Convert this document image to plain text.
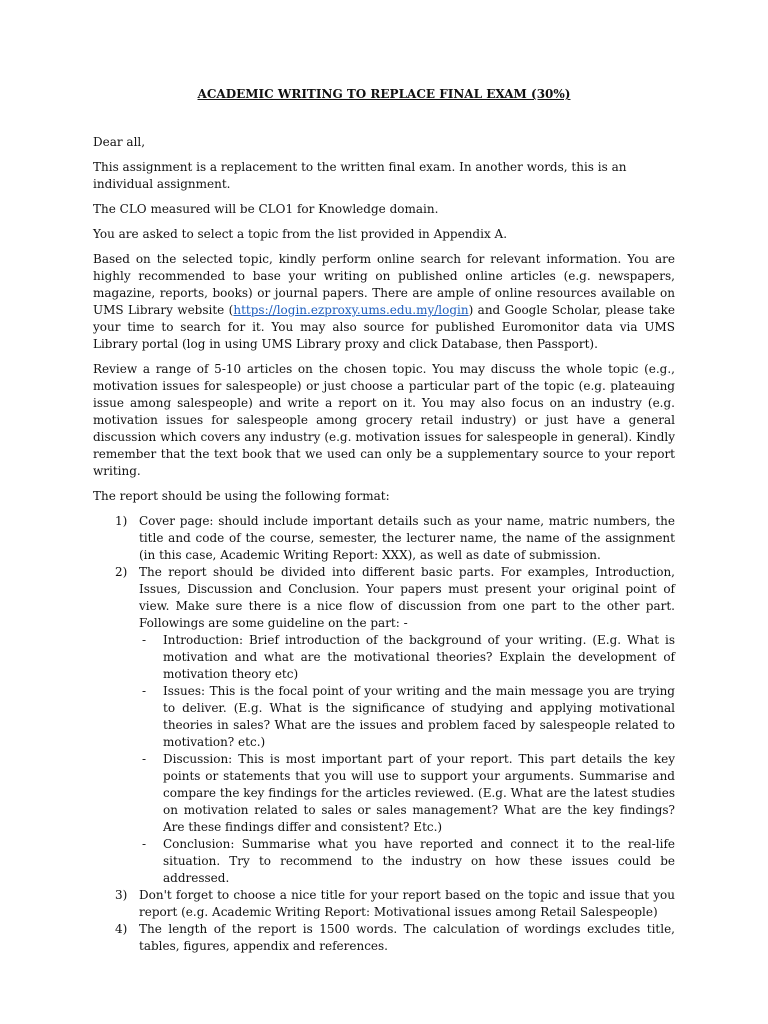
ACADEMIC WRITING TO REPLACE FINAL EXAM (30%)

Dear all,

This assignment is a replacement to the written final exam. In another words, this is an individual assignment.

The CLO measured will be CLO1 for Knowledge domain.

You are asked to select a topic from the list provided in Appendix A.

Based on the selected topic, kindly perform online search for relevant information. You are highly recommended to base your writing on published online articles (e.g. newspapers, magazine, reports, books) or journal papers. There are ample of online resources available on UMS Library website (https://login.ezproxy.ums.edu.my/login) and Google Scholar, please take your time to search for it. You may also source for published Euromonitor data via UMS Library portal (log in using UMS Library proxy and click Database, then Passport).

Review a range of 5-10 articles on the chosen topic. You may discuss the whole topic (e.g., motivation issues for salespeople) or just choose a particular part of the topic (e.g. plateauing issue among salespeople) and write a report on it. You may also focus on an industry (e.g. motivation issues for salespeople among grocery retail industry) or just have a general discussion which covers any industry (e.g. motivation issues for salespeople in general). Kindly remember that the text book that we used can only be a supplementary source to your report writing.

The report should be using the following format:

1) Cover page: should include important details such as your name, matric numbers, the title and code of the course, semester, the lecturer name, the name of the assignment (in this case, Academic Writing Report: XXX), as well as date of submission.
2) The report should be divided into different basic parts. For examples, Introduction, Issues, Discussion and Conclusion. Your papers must present your original point of view. Make sure there is a nice flow of discussion from one part to the other part. Followings are some guideline on the part: -
- Introduction: Brief introduction of the background of your writing. (E.g. What is motivation and what are the motivational theories? Explain the development of motivation theory etc)
- Issues: This is the focal point of your writing and the main message you are trying to deliver. (E.g. What is the significance of studying and applying motivational theories in sales? What are the issues and problem faced by salespeople related to motivation? etc.)
- Discussion: This is most important part of your report. This part details the key points or statements that you will use to support your arguments. Summarise and compare the key findings for the articles reviewed. (E.g. What are the latest studies on motivation related to sales or sales management? What are the key findings? Are these findings differ and consistent? Etc.)
- Conclusion: Summarise what you have reported and connect it to the real-life situation. Try to recommend to the industry on how these issues could be addressed.
3) Don't forget to choose a nice title for your report based on the topic and issue that you report (e.g. Academic Writing Report: Motivational issues among Retail Salespeople)
4) The length of the report is 1500 words. The calculation of wordings excludes title, tables, figures, appendix and references.
